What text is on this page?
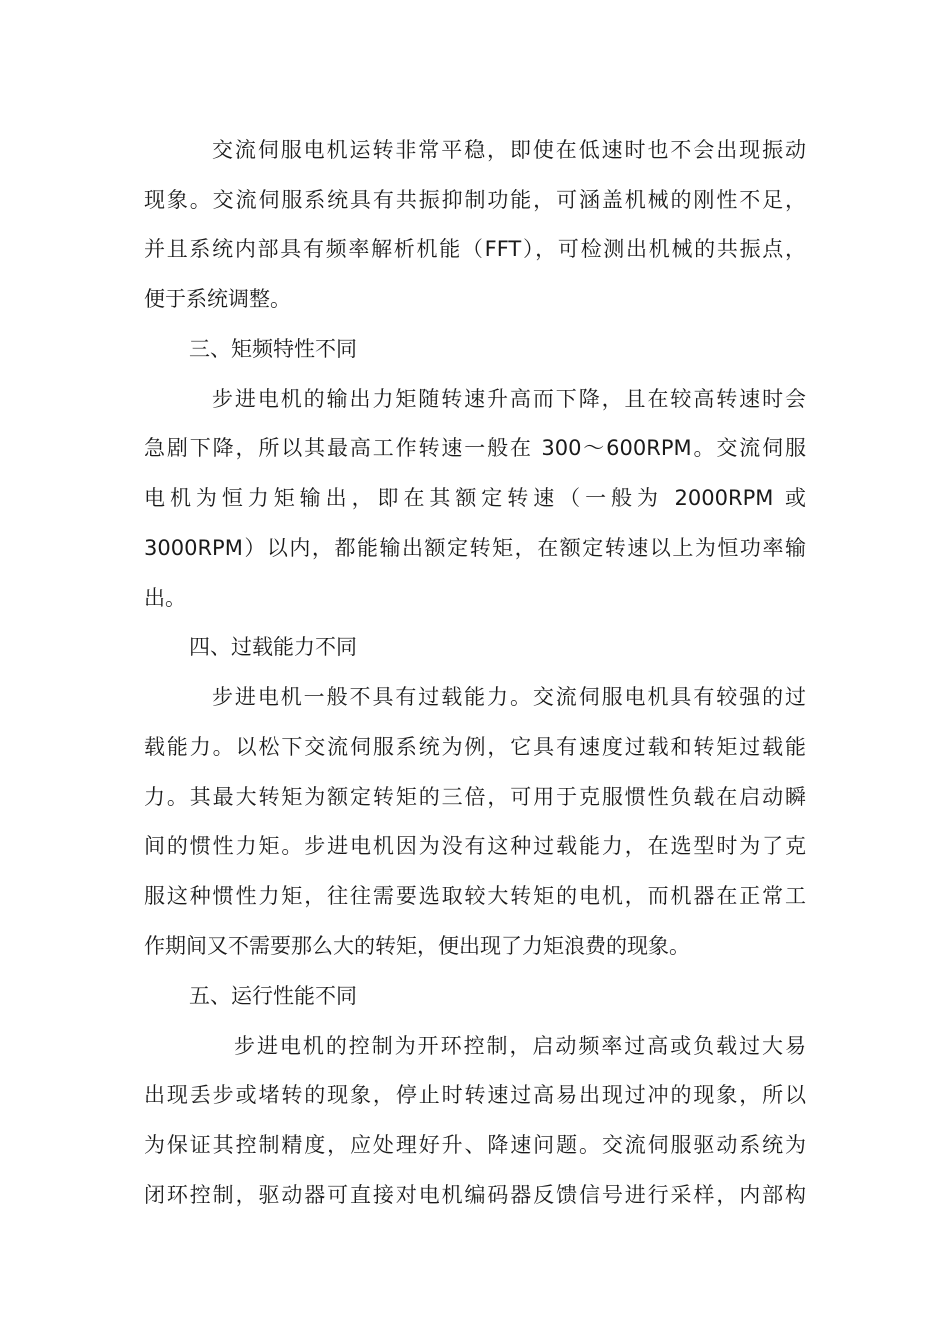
交流伺服电机运转非常平稳，即使在低速时也不会出现振动
现象。交流伺服系统具有共振抑制功能，可涵盖机械的刚性不足，
并且系统内部具有频率解析机能（FFT），可检测出机械的共振点，
便于系统调整。
三、矩频特性不同
步进电机的输出力矩随转速升高而下降，且在较高转速时会
急剧下降，所以其最高工作转速一般在 300～600RPM。交流伺服
电机为恒力矩输出，即在其额定转速（一般为 2000RPM 或
3000RPM）以内，都能输出额定转矩，在额定转速以上为恒功率输
出。
四、过载能力不同
步进电机一般不具有过载能力。交流伺服电机具有较强的过
载能力。以松下交流伺服系统为例，它具有速度过载和转矩过载能
力。其最大转矩为额定转矩的三倍，可用于克服惯性负载在启动瞬
间的惯性力矩。步进电机因为没有这种过载能力，在选型时为了克
服这种惯性力矩，往往需要选取较大转矩的电机，而机器在正常工
作期间又不需要那么大的转矩，便出现了力矩浪费的现象。
五、运行性能不同
步进电机的控制为开环控制，启动频率过高或负载过大易
出现丢步或堵转的现象，停止时转速过高易出现过冲的现象，所以
为保证其控制精度，应处理好升、降速问题。交流伺服驱动系统为
闭环控制，驱动器可直接对电机编码器反馈信号进行采样，内部构
